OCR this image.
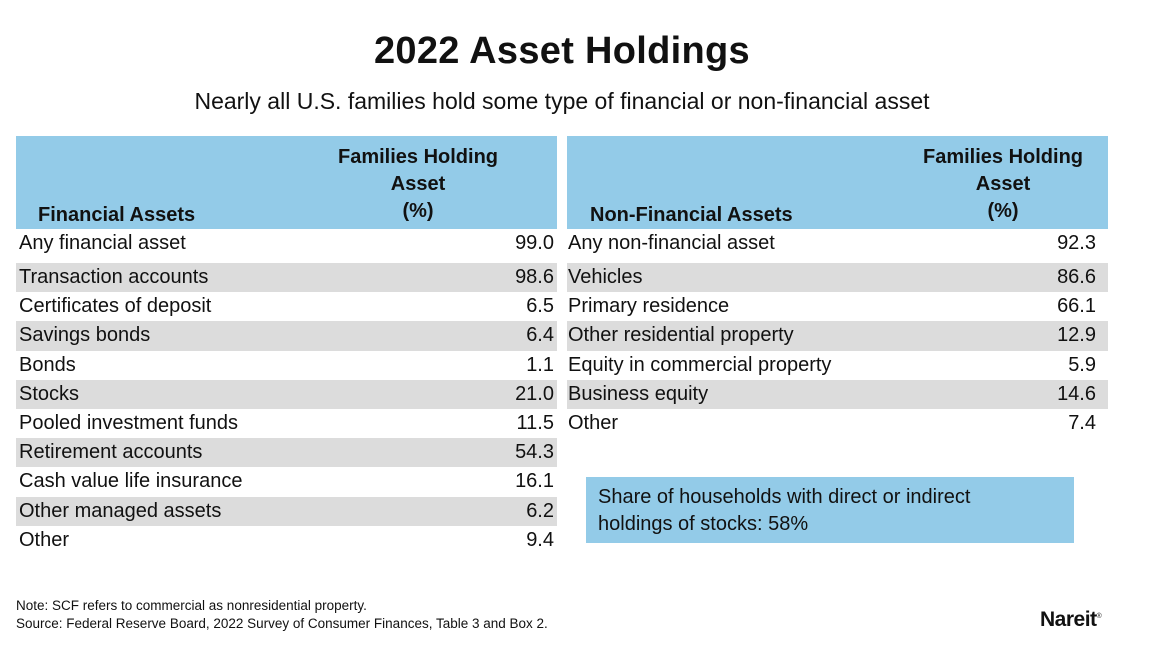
2022 Asset Holdings
Nearly all U.S. families hold some type of financial or non-financial asset
Financial Assets
Families Holding
Asset
(%)
Any financial asset	99.0
Transaction accounts	98.6
Certificates of deposit	6.5
Savings bonds	6.4
Bonds	1.1
Stocks	21.0
Pooled investment funds	11.5
Retirement accounts	54.3
Cash value life insurance	16.1
Other managed assets	6.2
Other	9.4
Non-Financial Assets
Families Holding
Asset
(%)
Any non-financial asset	92.3
Vehicles	86.6
Primary residence	66.1
Other residential property	12.9
Equity in commercial property	5.9
Business equity	14.6
Other	7.4
Share of households with direct or indirect
holdings of stocks: 58%
Note: SCF refers to commercial as nonresidential property.
Source: Federal Reserve Board, 2022 Survey of Consumer Finances, Table 3 and Box 2.	Nareit®
